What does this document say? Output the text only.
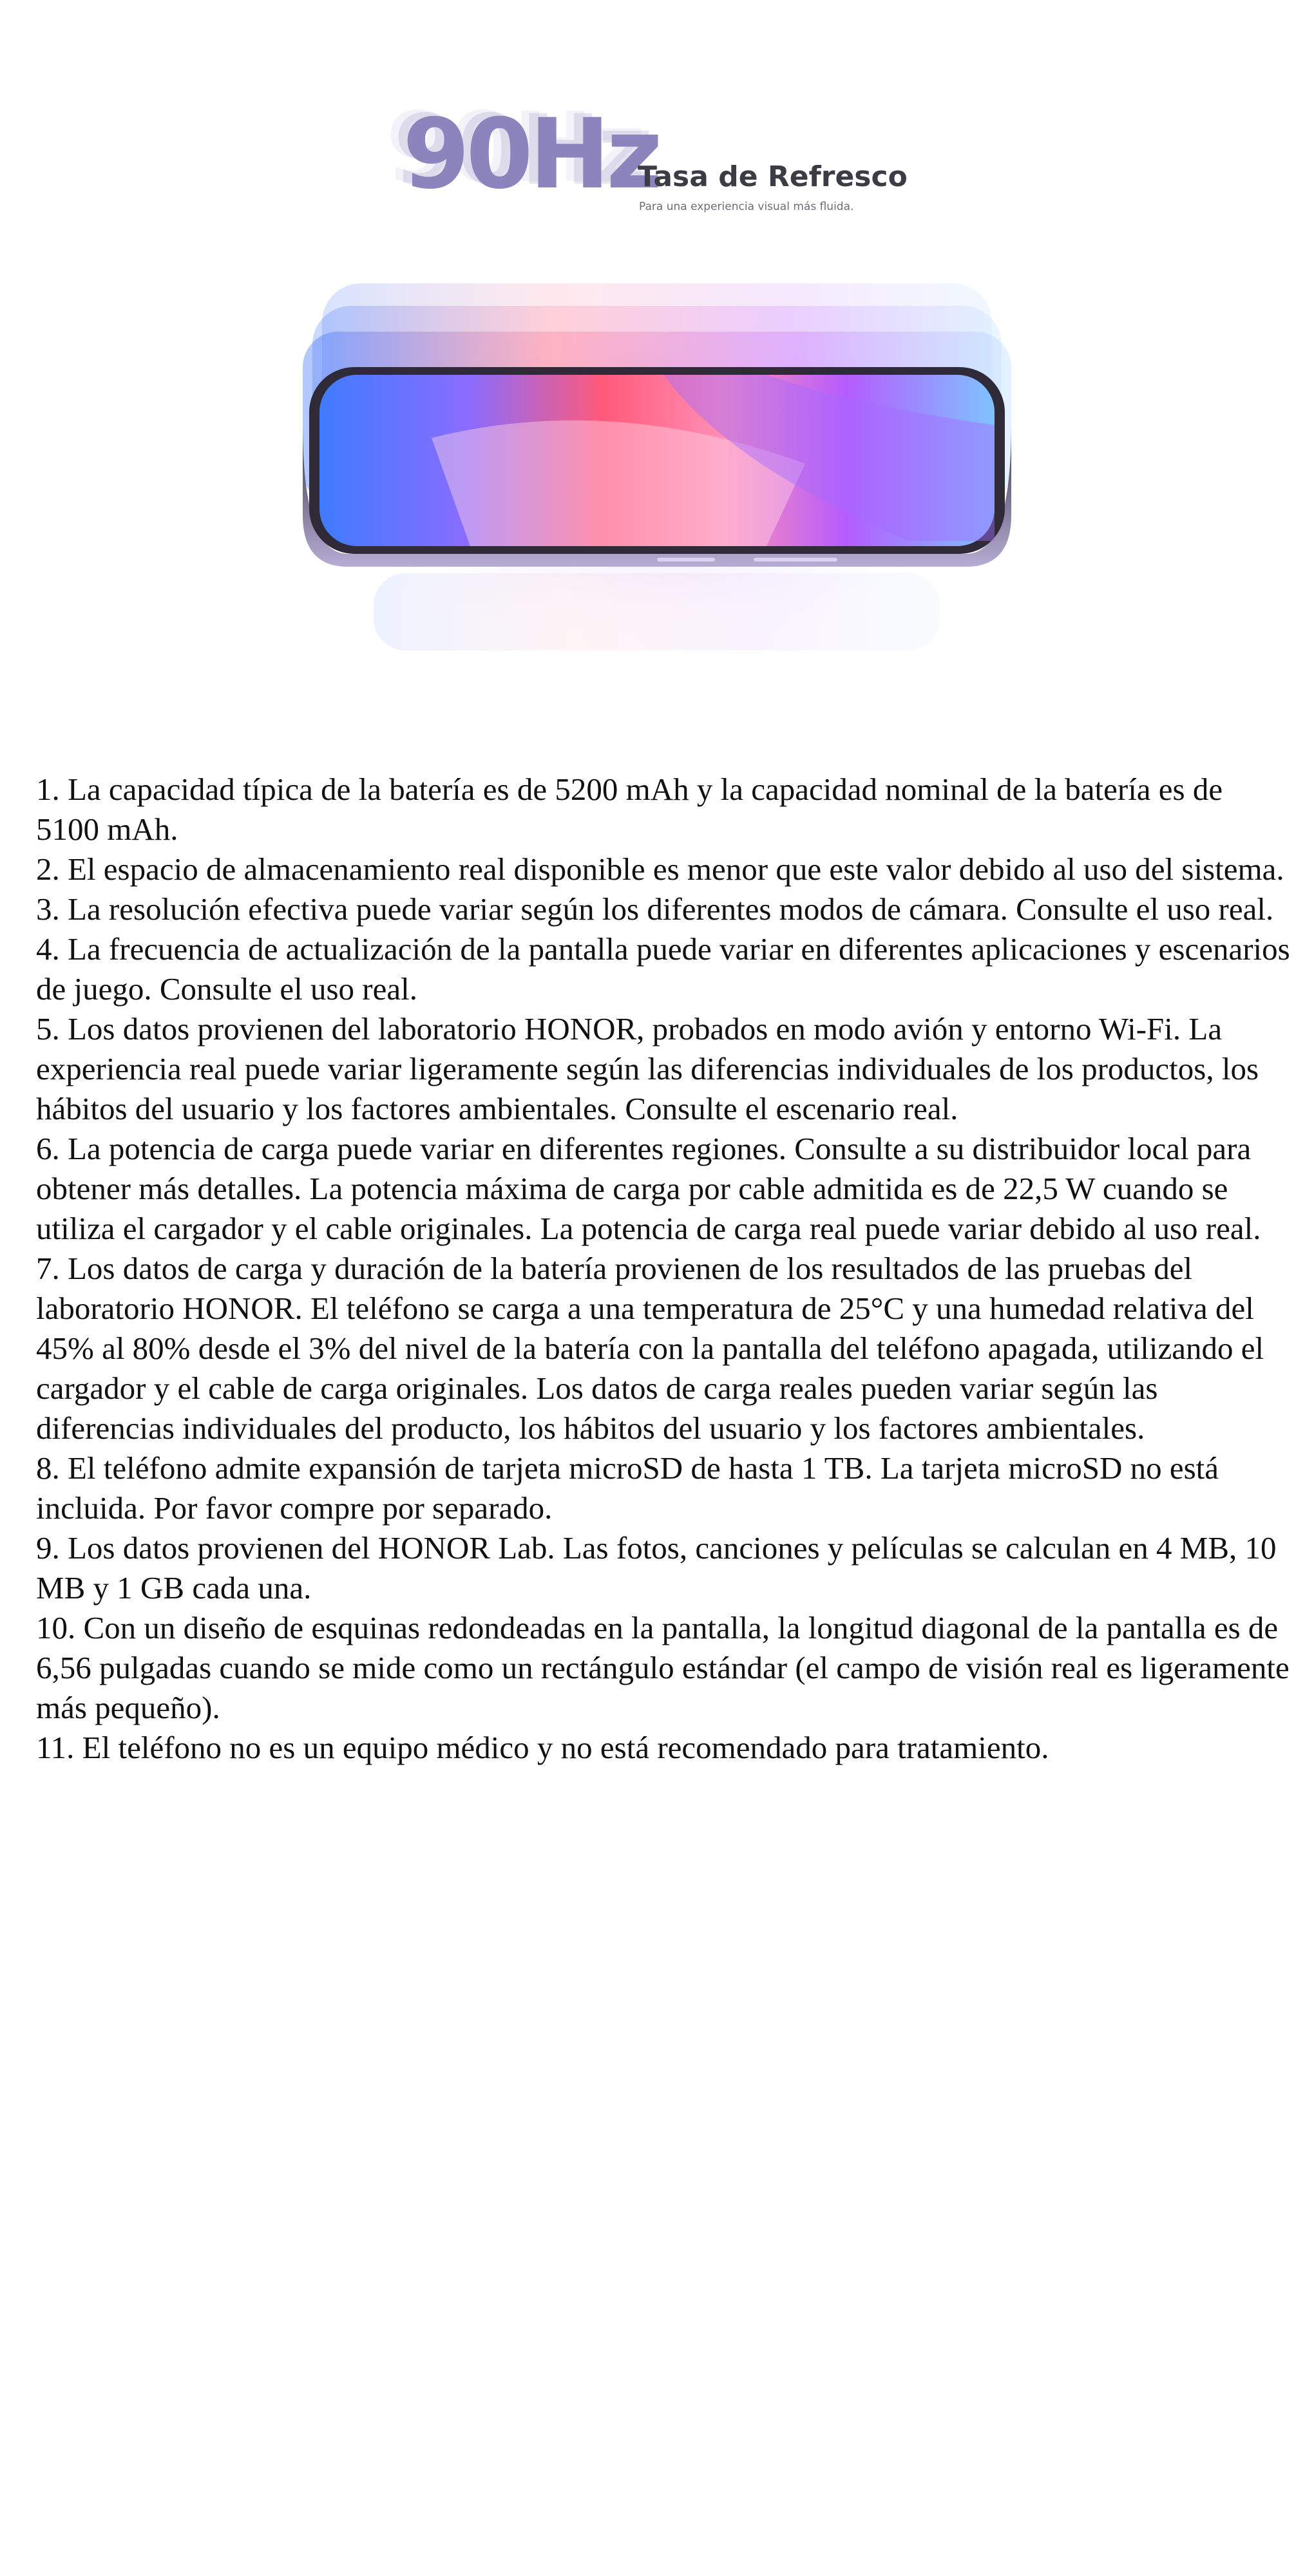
90Hz
Tasa de Refresco
Para una experiencia visual más fluida.

1. La capacidad típica de la batería es de 5200 mAh y la capacidad nominal de la batería es de 5100 mAh.

2. El espacio de almacenamiento real disponible es menor que este valor debido al uso del sistema.

3. La resolución efectiva puede variar según los diferentes modos de cámara. Consulte el uso real.

4. La frecuencia de actualización de la pantalla puede variar en diferentes aplicaciones y escenarios de juego. Consulte el uso real.

5. Los datos provienen del laboratorio HONOR, probados en modo avión y entorno Wi-Fi. La experiencia real puede variar ligeramente según las diferencias individuales de los productos, los hábitos del usuario y los factores ambientales. Consulte el escenario real.

6. La potencia de carga puede variar en diferentes regiones. Consulte a su distribuidor local para obtener más detalles. La potencia máxima de carga por cable admitida es de 22,5 W cuando se utiliza el cargador y el cable originales. La potencia de carga real puede variar debido al uso real.

7. Los datos de carga y duración de la batería provienen de los resultados de las pruebas del laboratorio HONOR. El teléfono se carga a una temperatura de 25°C y una humedad relativa del 45% al 80% desde el 3% del nivel de la batería con la pantalla del teléfono apagada, utilizando el cargador y el cable de carga originales. Los datos de carga reales pueden variar según las diferencias individuales del producto, los hábitos del usuario y los factores ambientales.

8. El teléfono admite expansión de tarjeta microSD de hasta 1 TB. La tarjeta microSD no está incluida. Por favor compre por separado.

9. Los datos provienen del HONOR Lab. Las fotos, canciones y películas se calculan en 4 MB, 10 MB y 1 GB cada una.

10. Con un diseño de esquinas redondeadas en la pantalla, la longitud diagonal de la pantalla es de 6,56 pulgadas cuando se mide como un rectángulo estándar (el campo de visión real es ligeramente más pequeño).

11. El teléfono no es un equipo médico y no está recomendado para tratamiento.
